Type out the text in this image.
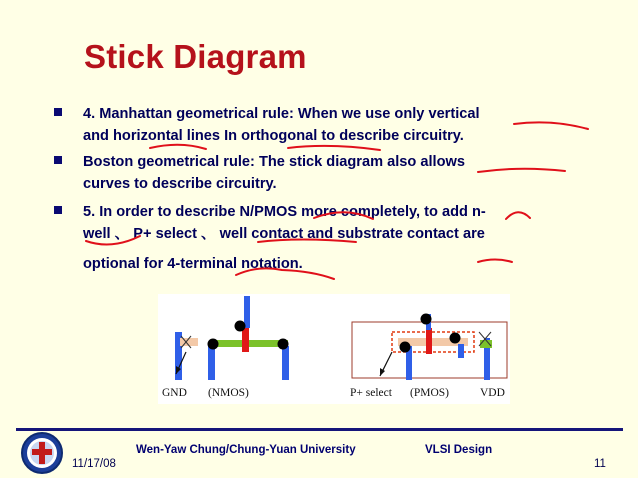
Stick Diagram
4. Manhattan geometrical rule: When we use only vertical
and horizontal lines In orthogonal to describe circuitry.
Boston geometrical rule: The stick diagram also allows
curves to describe circuitry.
5. In order to describe N/PMOS more completely, to add n-
well 、 P+ select 、 well contact and substrate contact are
optional for 4-terminal notation.
GND (NMOS)	P+ select (PMOS)	VDD
Wen-Yaw Chung/Chung-Yuan University	VLSI Design
11/17/08	11
